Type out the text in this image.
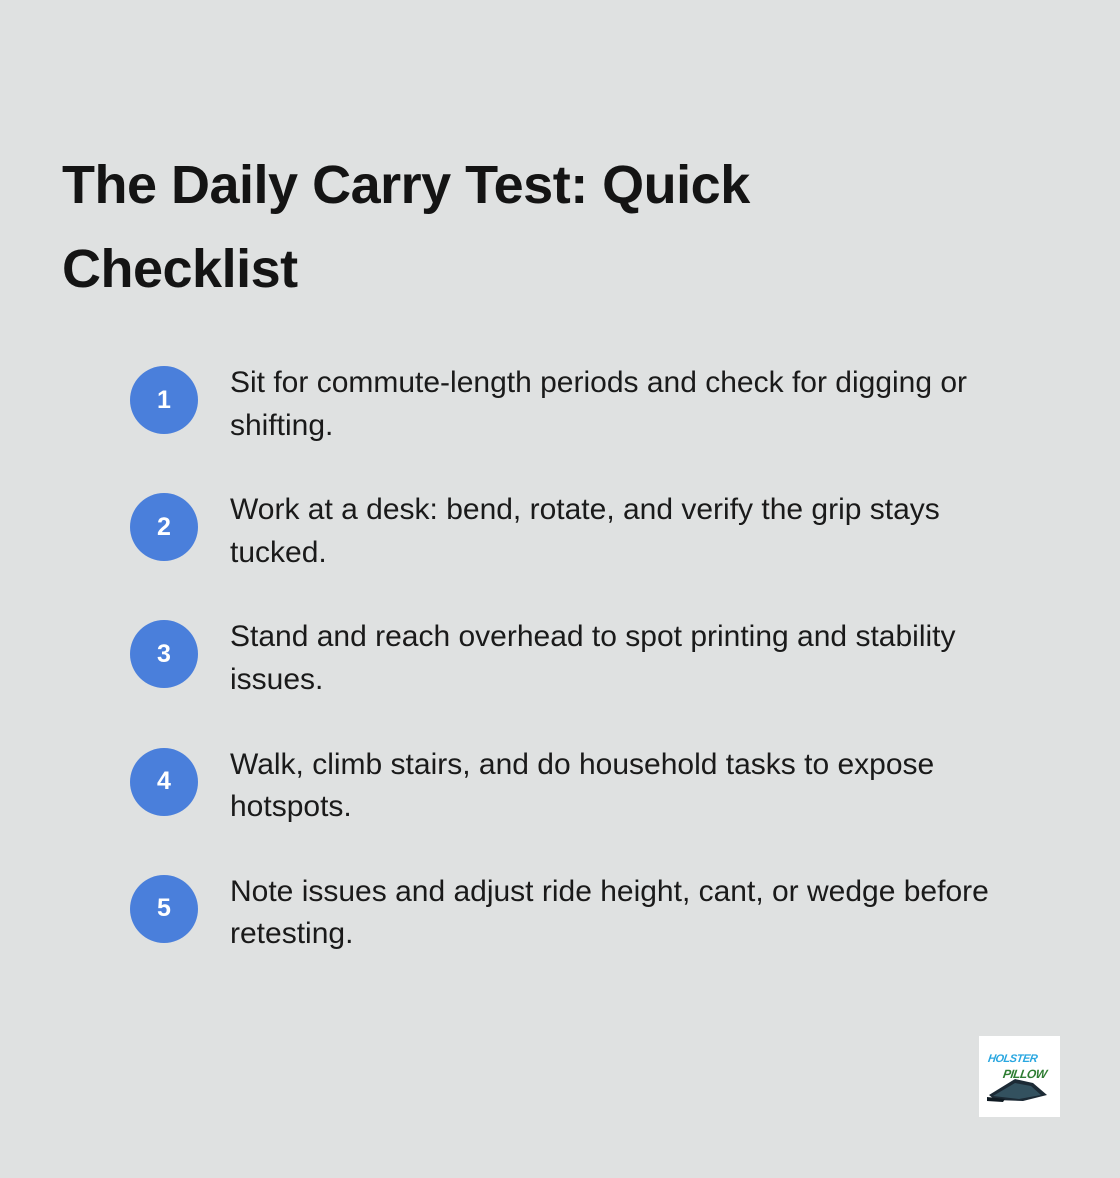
The Daily Carry Test: Quick Checklist
1
Sit for commute-length periods and check for digging or shifting.
2
Work at a desk: bend, rotate, and verify the grip stays tucked.
3
Stand and reach overhead to spot printing and stability issues.
4
Walk, climb stairs, and do household tasks to expose hotspots.
5
Note issues and adjust ride height, cant, or wedge before retesting.
HOLSTER
PILLOW
